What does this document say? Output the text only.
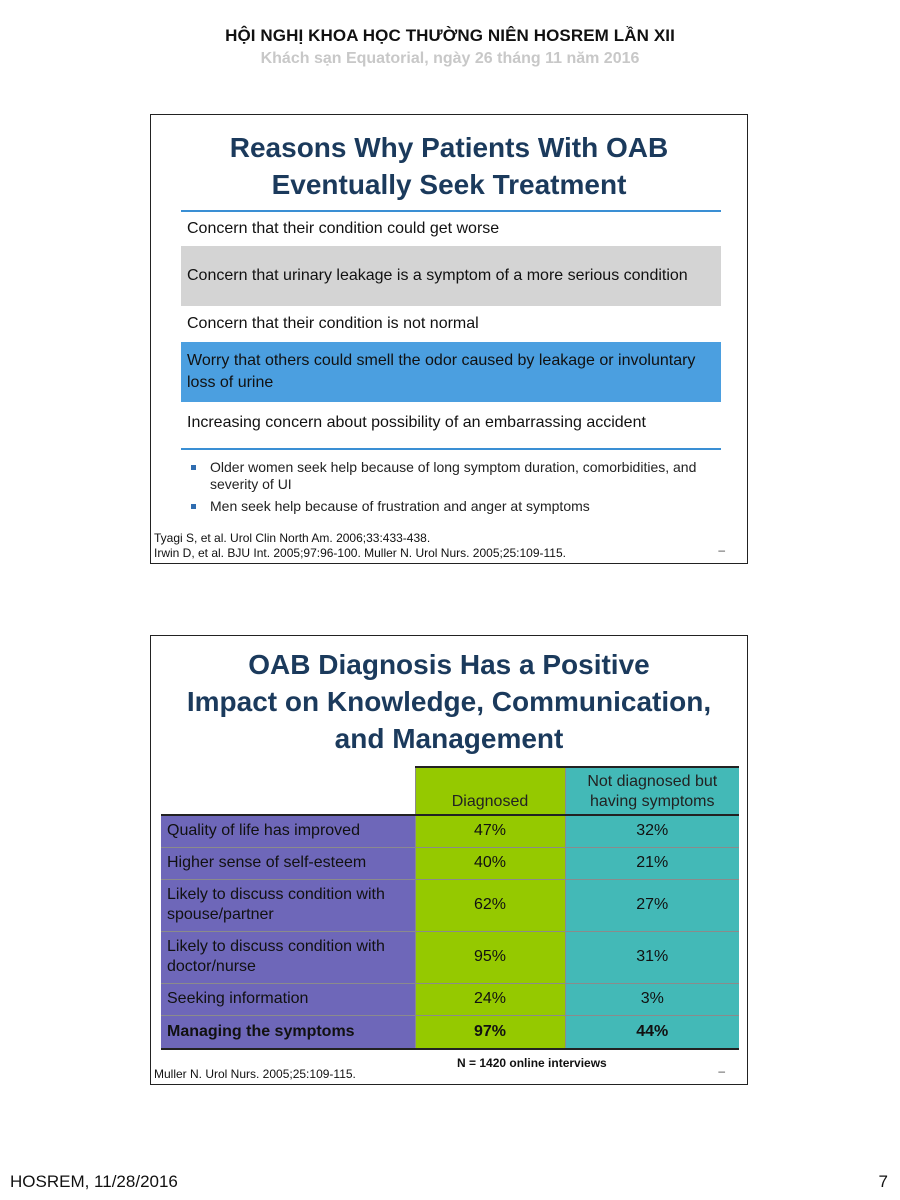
HỘI NGHỊ KHOA HỌC THƯỜNG NIÊN HOSREM LẦN XII
Khách sạn Equatorial, ngày 26 tháng 11 năm 2016
Reasons Why Patients With OAB
Eventually Seek Treatment
Concern that their condition could get worse
Concern that urinary leakage is a symptom of a more serious condition
Concern that their condition is not normal
Worry that others could smell the odor caused by leakage or involuntary loss of urine
Increasing concern about possibility of an embarrassing accident
Older women seek help because of long symptom duration, comorbidities, and severity of UI
Men seek help because of frustration and anger at symptoms
Tyagi S, et al. Urol Clin North Am. 2006;33:433-438.
Irwin D, et al. BJU Int. 2005;97:96-100. Muller N. Urol Nurs. 2005;25:109-115.	–
OAB Diagnosis Has a Positive
Impact on Knowledge, Communication,
and Management
	Diagnosed	Not diagnosed but having symptoms
Quality of life has improved	47%	32%
Higher sense of self-esteem	40%	21%
Likely to discuss condition with spouse/partner	62%	27%
Likely to discuss condition with doctor/nurse	95%	31%
Seeking information	24%	3%
Managing the symptoms	97%	44%
N = 1420 online interviews
Muller N. Urol Nurs. 2005;25:109-115.	–
HOSREM, 11/28/2016	7
